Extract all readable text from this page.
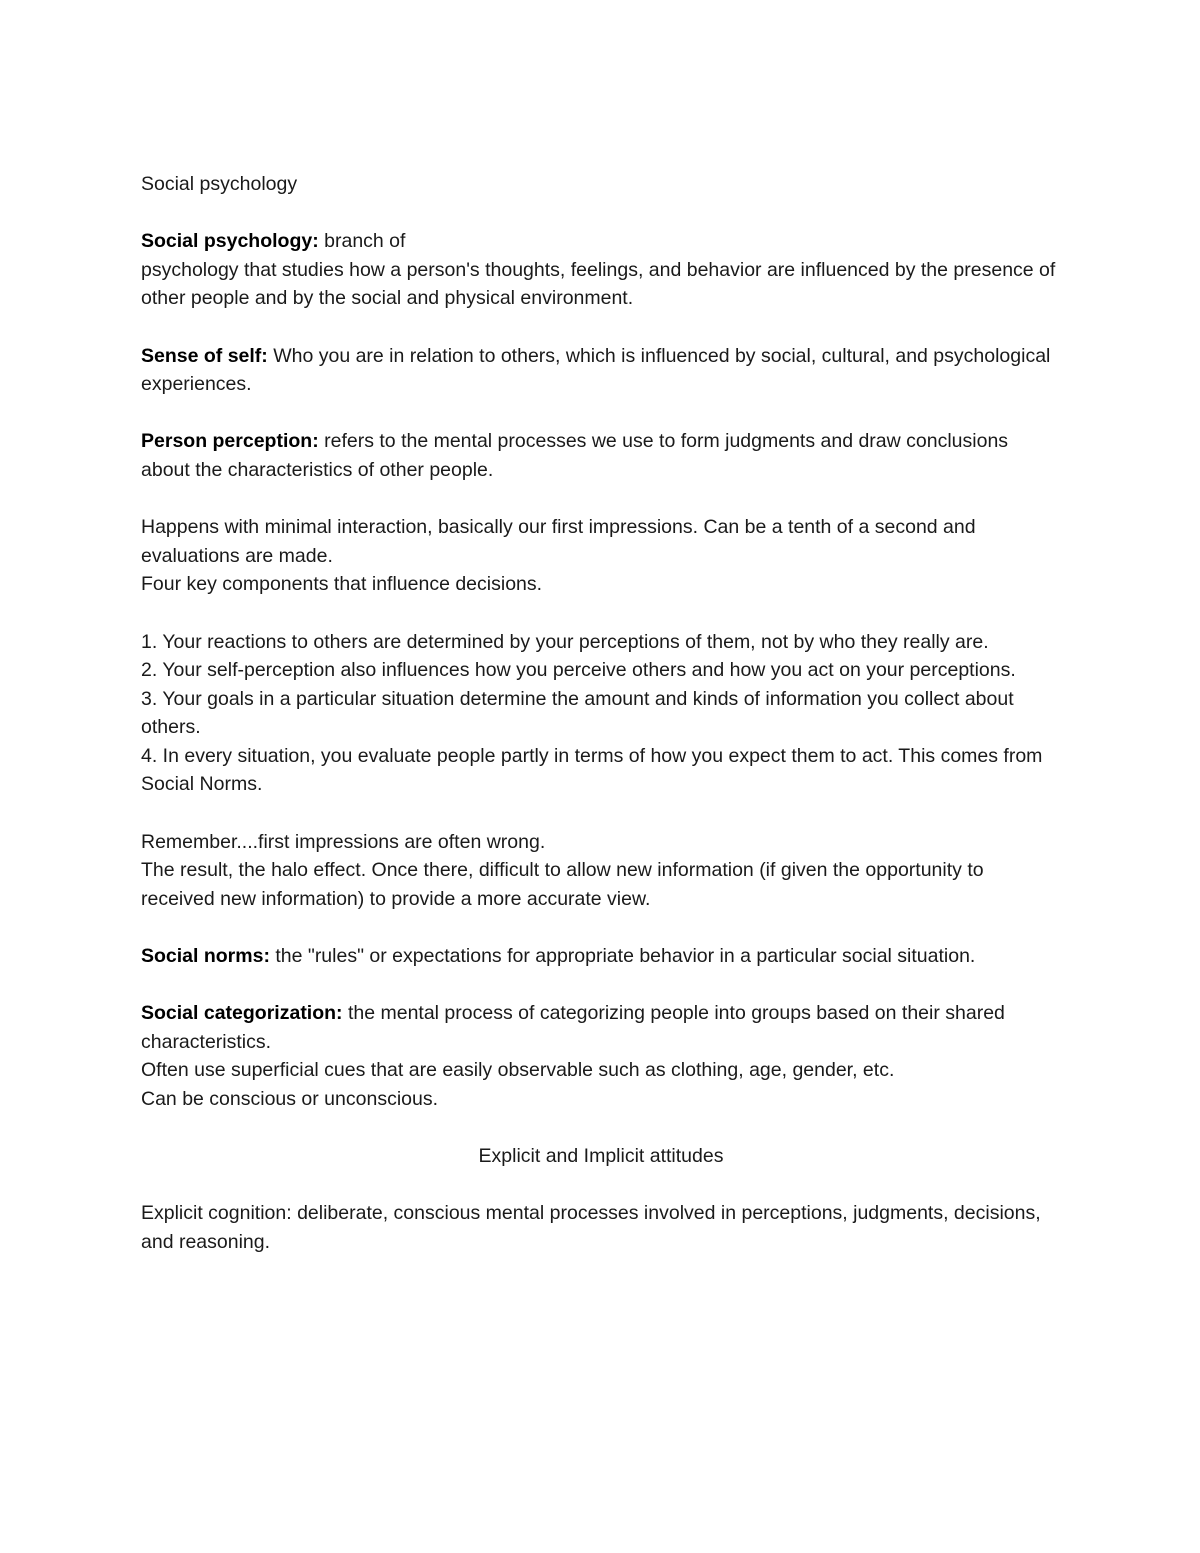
Social psychology

Social psychology: branch of

psychology that studies how a person's thoughts, feelings, and behavior are influenced by the presence of other people and by the social and physical environment.

Sense of self: Who you are in relation to others, which is influenced by social, cultural, and psychological experiences.

Person perception: refers to the mental processes we use to form judgments and draw conclusions about the characteristics of other people.

Happens with minimal interaction, basically our first impressions. Can be a tenth of a second and evaluations are made.

Four key components that influence decisions.

1. Your reactions to others are determined by your perceptions of them, not by who they really are.

2. Your self-perception also influences how you perceive others and how you act on your perceptions.

3. Your goals in a particular situation determine the amount and kinds of information you collect about others.

4. In every situation, you evaluate people partly in terms of how you expect them to act. This comes from Social Norms.

Remember....first impressions are often wrong.

The result, the halo effect. Once there, difficult to allow new information (if given the opportunity to received new information) to provide a more accurate view.

Social norms: the "rules" or expectations for appropriate behavior in a particular social situation.

Social categorization: the mental process of categorizing people into groups based on their shared characteristics.

Often use superficial cues that are easily observable such as clothing, age, gender, etc.

Can be conscious or unconscious.

Explicit and Implicit attitudes

Explicit cognition: deliberate, conscious mental processes involved in perceptions, judgments, decisions, and reasoning.
